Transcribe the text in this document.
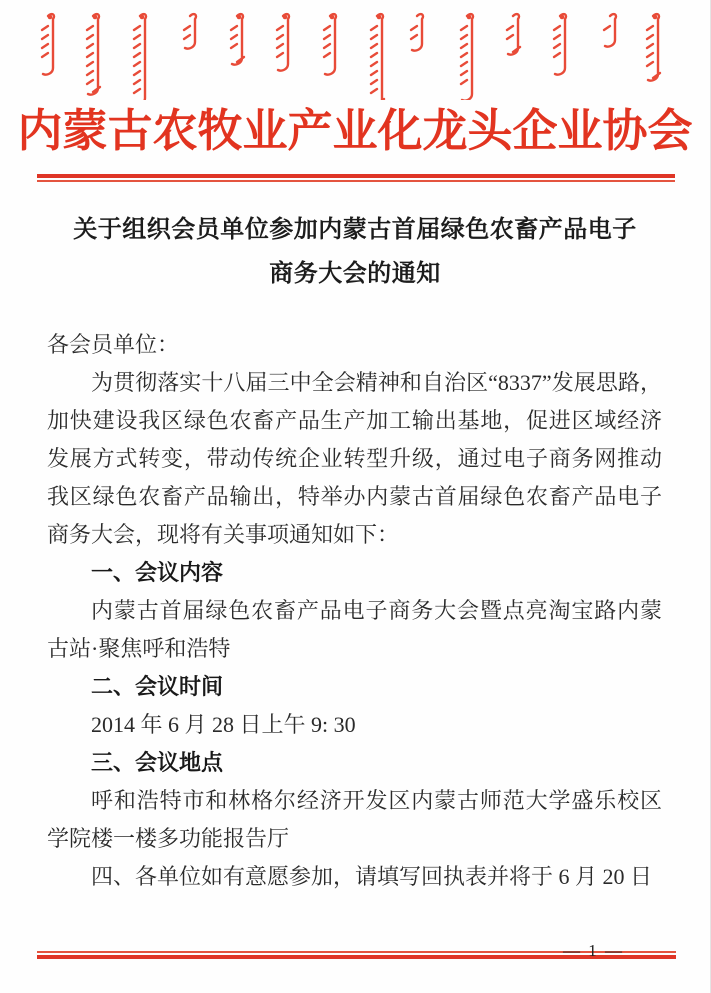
内蒙古农牧业产业化龙头企业协会
关于组织会员单位参加内蒙古首届绿色农畜产品电子
商务大会的通知
各会员单位：
为贯彻落实十八届三中全会精神和自治区“8337”发展思路，加快建设我区绿色农畜产品生产加工输出基地，促进区域经济发展方式转变，带动传统企业转型升级，通过电子商务网推动我区绿色农畜产品输出，特举办内蒙古首届绿色农畜产品电子商务大会，现将有关事项通知如下：
一、会议内容
内蒙古首届绿色农畜产品电子商务大会暨点亮淘宝路内蒙古站·聚焦呼和浩特
二、会议时间
2014 年 6 月 28 日上午 9: 30
三、会议地点
呼和浩特市和林格尔经济开发区内蒙古师范大学盛乐校区学院楼一楼多功能报告厅
四、各单位如有意愿参加，请填写回执表并将于 6 月 20 日
— 1 —
